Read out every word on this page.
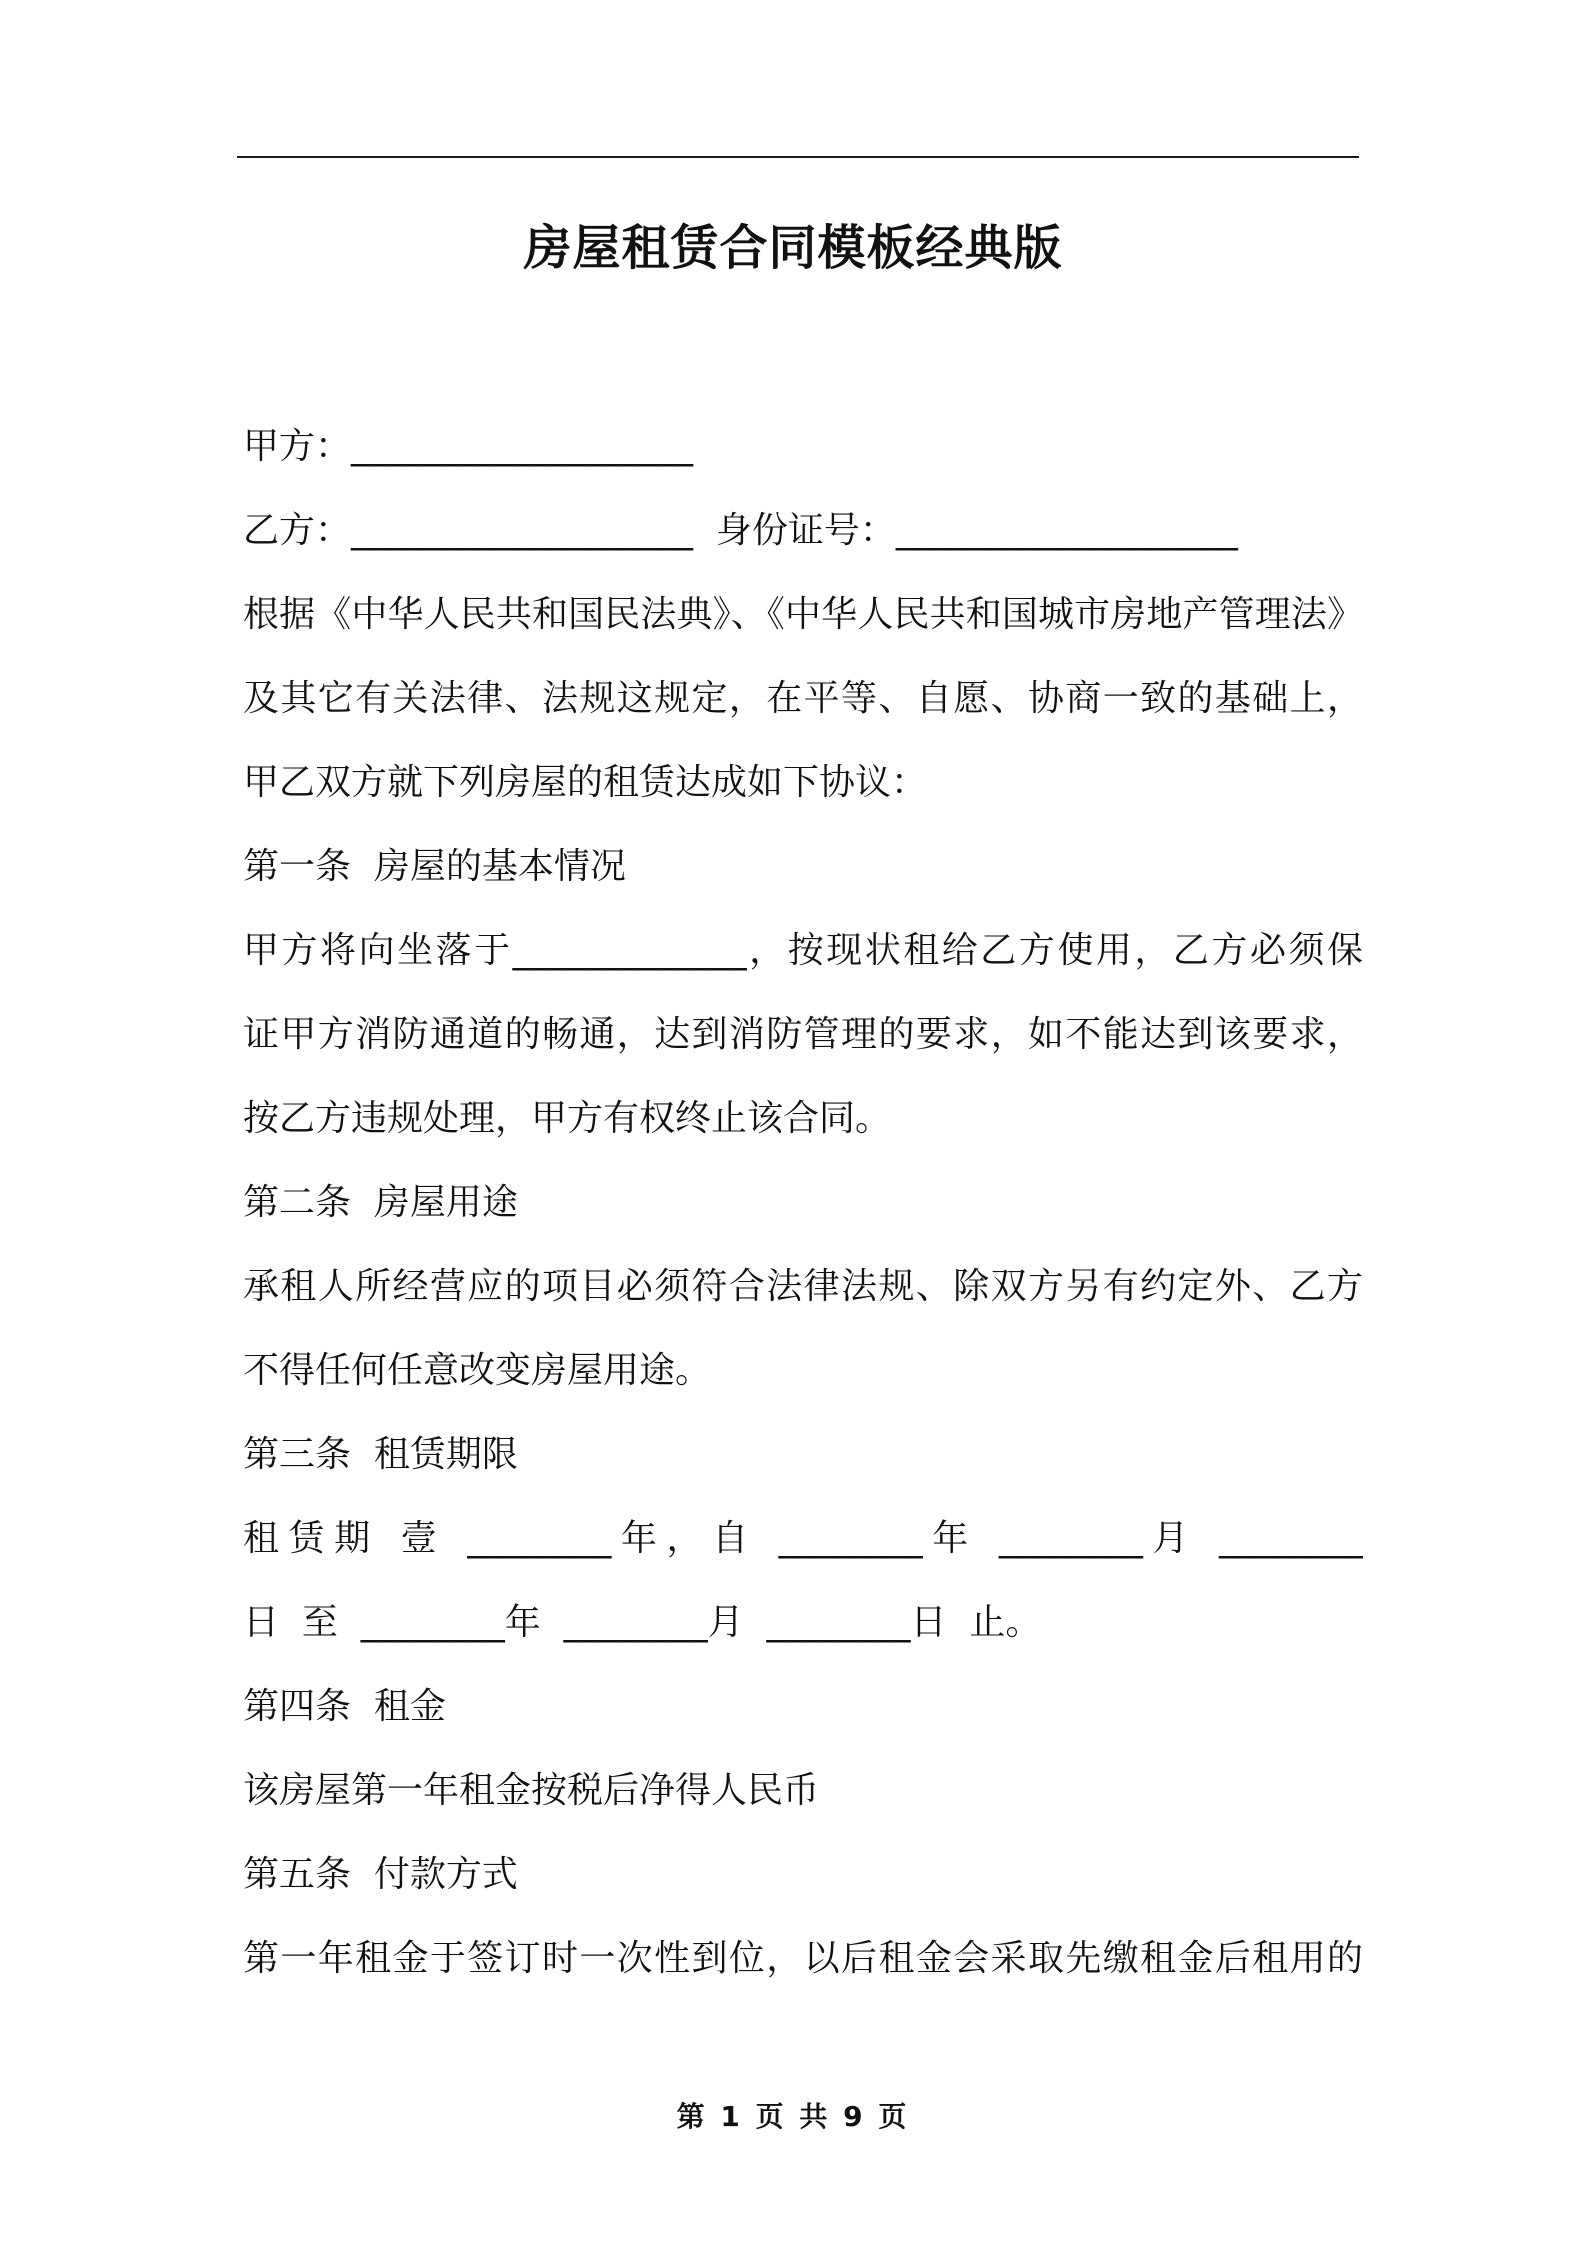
房屋租赁合同模板经典版
甲方：___________________
乙方：___________________  身份证号：___________________
根据《中华人民共和国民法典》、《中华人民共和国城市房地产管理法》
及其它有关法律、法规这规定，在平等、自愿、协商一致的基础上，
甲乙双方就下列房屋的租赁达成如下协议：
第一条  房屋的基本情况
甲方将向坐落于_____________，按现状租给乙方使用，乙方必须保
证甲方消防通道的畅通，达到消防管理的要求，如不能达到该要求，
按乙方违规处理，甲方有权终止该合同。
第二条  房屋用途
承租人所经营应的项目必须符合法律法规、除双方另有约定外、乙方
不得任何任意改变房屋用途。
第三条  租赁期限
租赁期 壹 ________年，自 ________年 ________月 ________
日  至  ________年  ________月  ________日  止。
第四条  租金
该房屋第一年租金按税后净得人民币
第五条  付款方式
第一年租金于签订时一次性到位，以后租金会采取先缴租金后租用的
第 1 页 共 9 页
